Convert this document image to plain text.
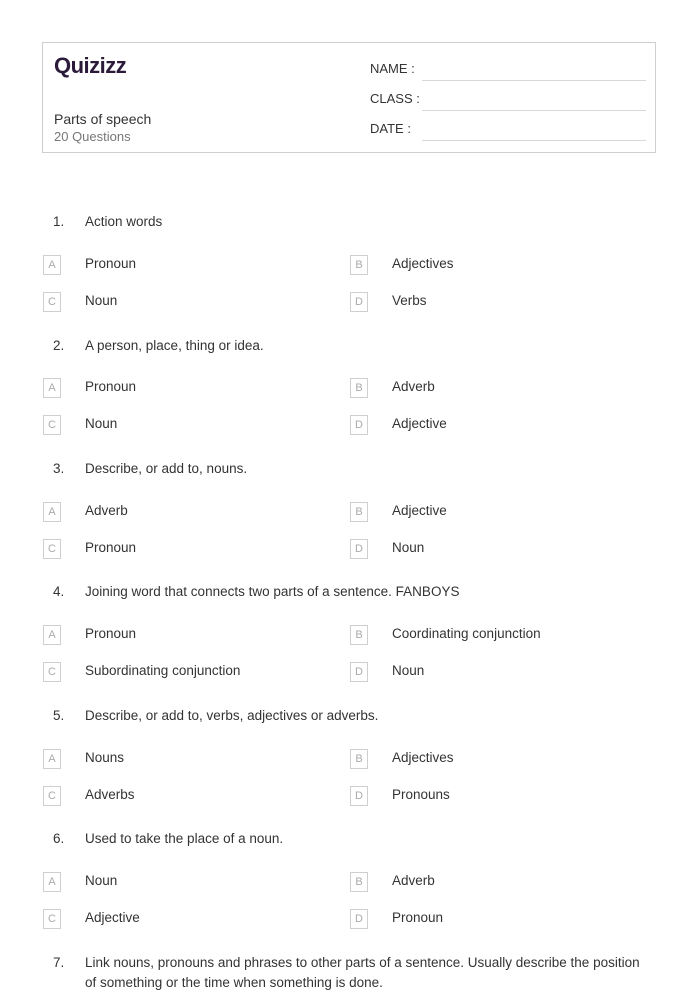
Quizizz
Parts of speech
20 Questions
NAME :
CLASS :
DATE :
1. Action words
A	Pronoun	B	Adjectives
C	Noun	D	Verbs
2. A person, place, thing or idea.
A	Pronoun	B	Adverb
C	Noun	D	Adjective
3. Describe, or add to, nouns.
A	Adverb	B	Adjective
C	Pronoun	D	Noun
4. Joining word that connects two parts of a sentence. FANBOYS
A	Pronoun	B	Coordinating conjunction
C	Subordinating conjunction	D	Noun
5. Describe, or add to, verbs, adjectives or adverbs.
A	Nouns	B	Adjectives
C	Adverbs	D	Pronouns
6. Used to take the place of a noun.
A	Noun	B	Adverb
C	Adjective	D	Pronoun
7. Link nouns, pronouns and phrases to other parts of a sentence. Usually describe the position of something or the time when something is done.
